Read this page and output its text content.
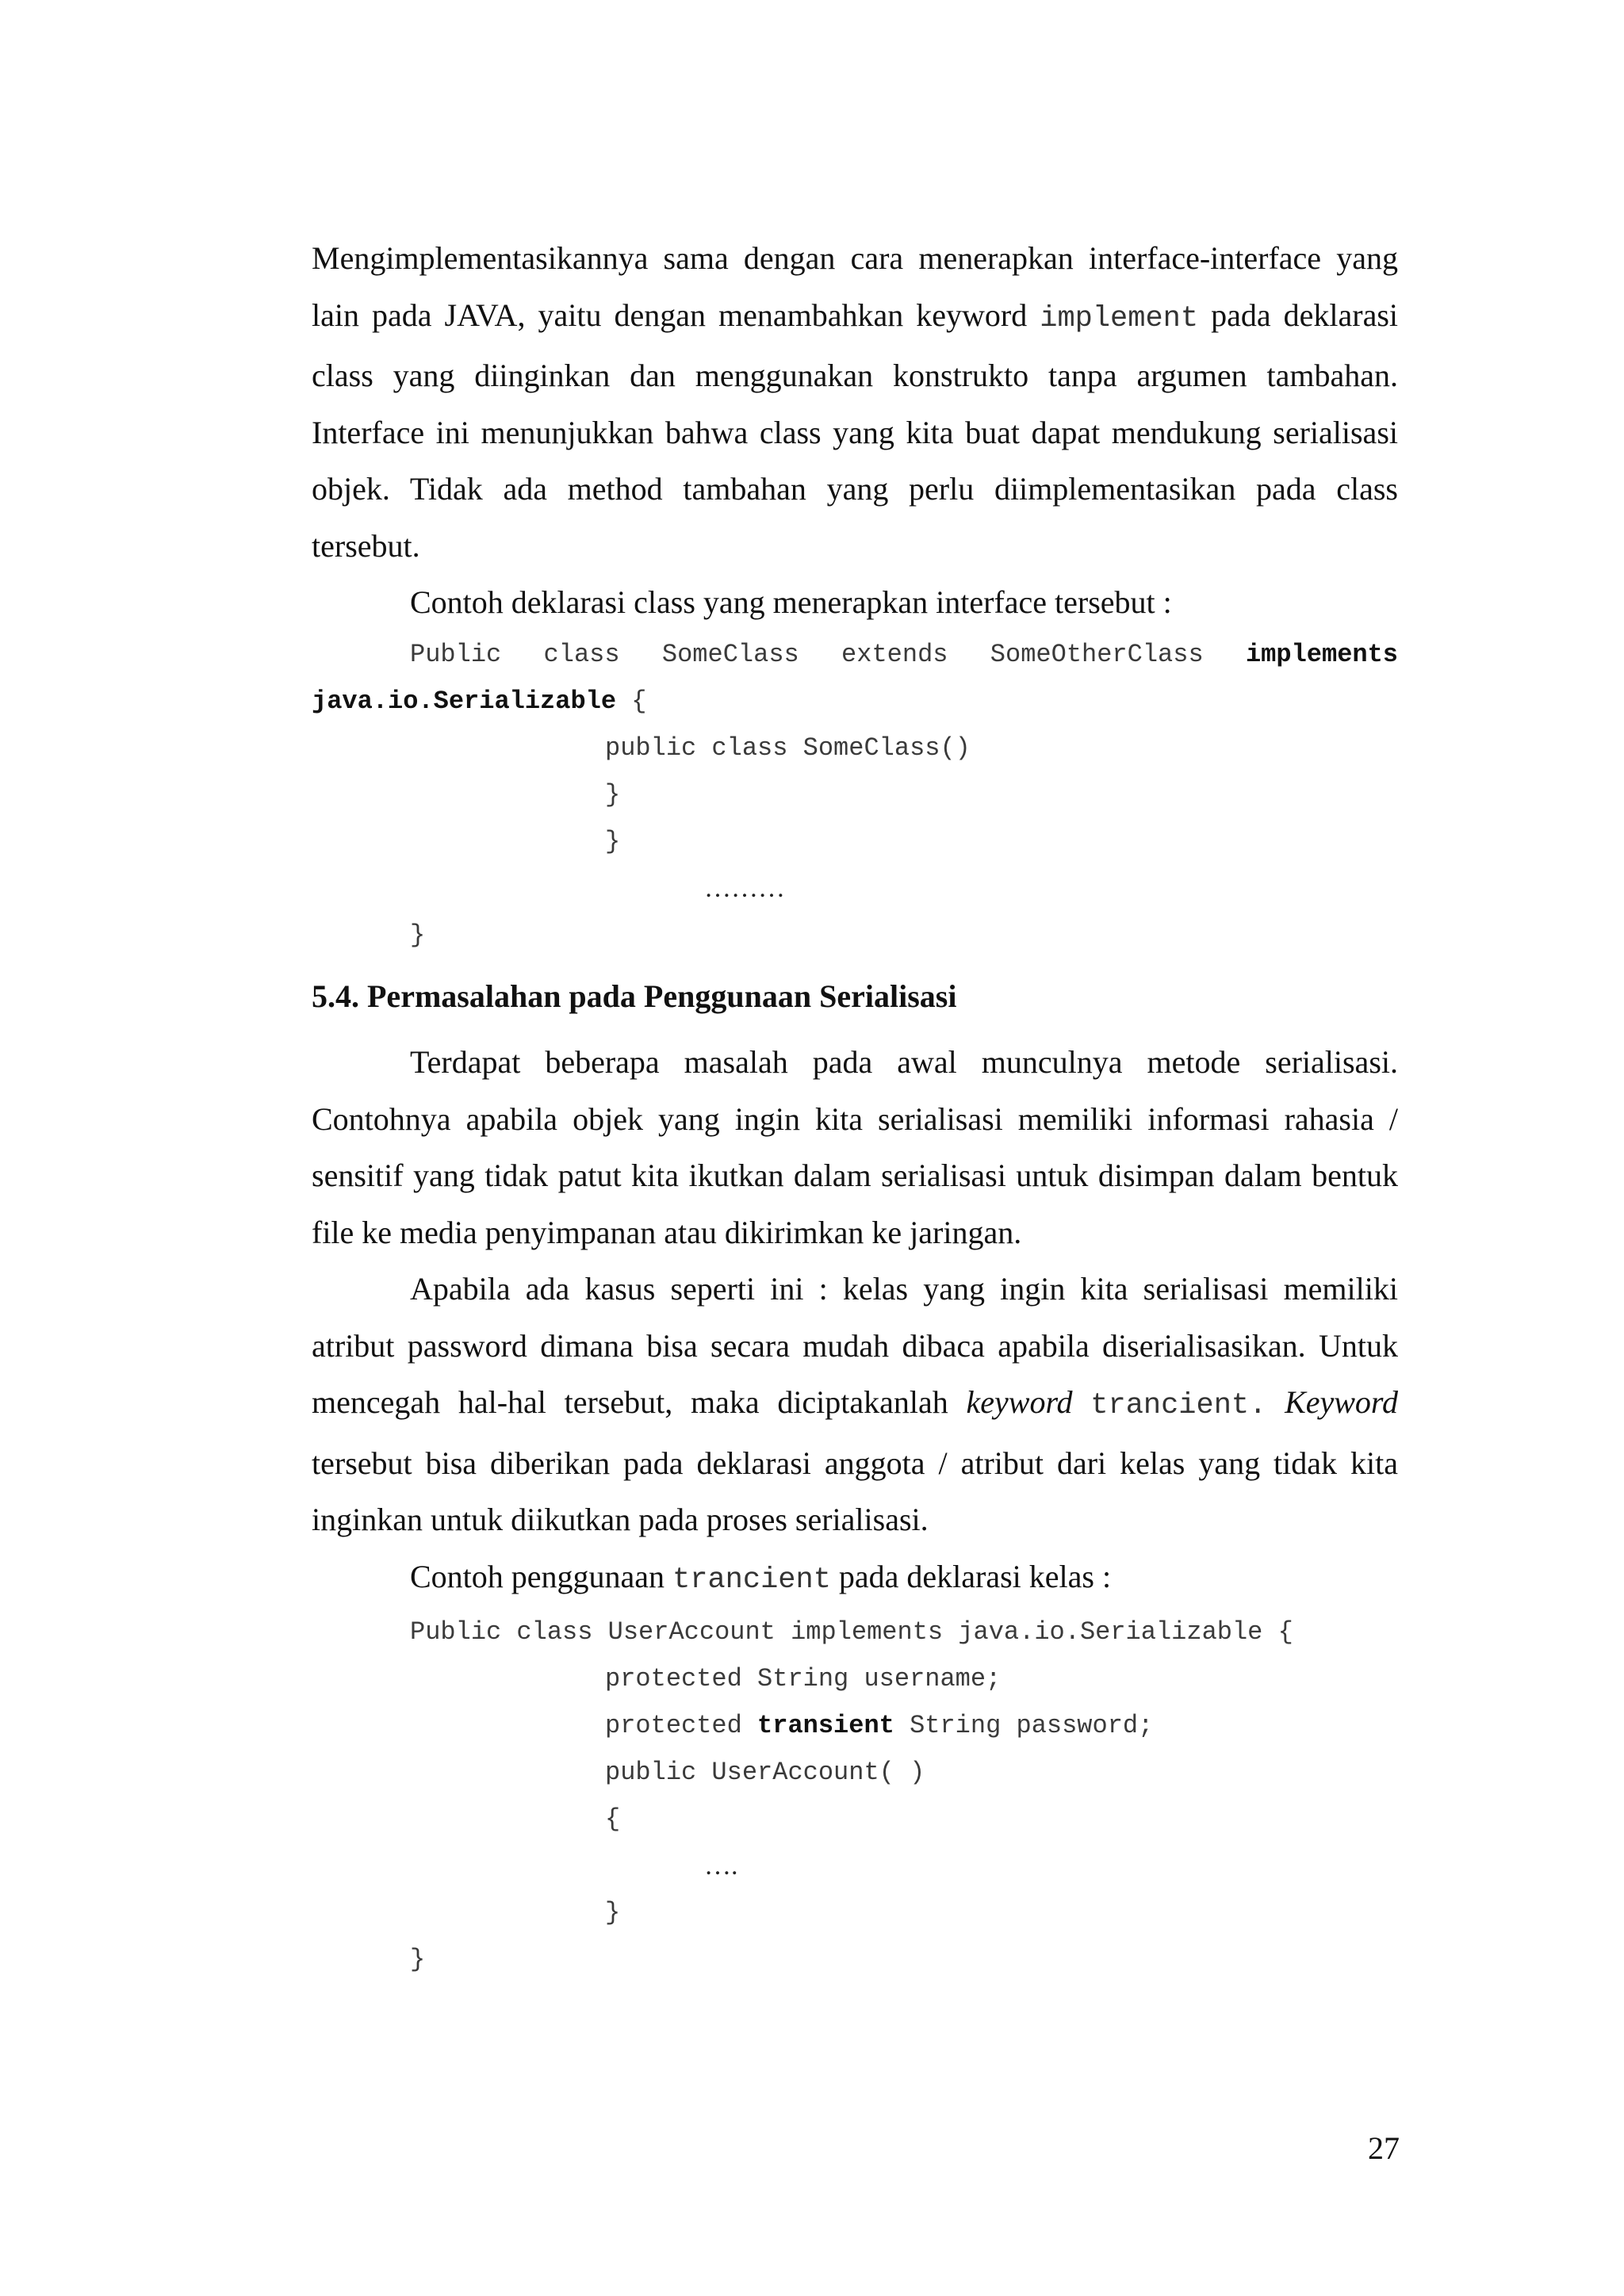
Mengimplementasikannya sama dengan cara menerapkan interface-interface yang lain pada JAVA, yaitu dengan menambahkan keyword implement pada deklarasi class yang diinginkan dan menggunakan konstrukto tanpa argumen tambahan. Interface ini menunjukkan bahwa class yang kita buat dapat mendukung serialisasi objek. Tidak ada method tambahan yang perlu diimplementasikan pada class tersebut.

Contoh deklarasi class yang menerapkan interface tersebut :

Public class SomeClass extends SomeOtherClass implements
java.io.Serializable {
public class SomeClass()
}
}
………
}
5.4. Permasalahan pada Penggunaan Serialisasi

Terdapat beberapa masalah pada awal munculnya metode serialisasi. Contohnya apabila objek yang ingin kita serialisasi memiliki informasi rahasia / sensitif yang tidak patut kita ikutkan dalam serialisasi untuk disimpan dalam bentuk file ke media penyimpanan atau dikirimkan ke jaringan.

Apabila ada kasus seperti ini : kelas yang ingin kita serialisasi memiliki atribut password dimana bisa secara mudah dibaca apabila diserialisasikan. Untuk mencegah hal-hal tersebut, maka diciptakanlah keyword trancient. Keyword tersebut bisa diberikan pada deklarasi anggota / atribut dari kelas yang tidak kita inginkan untuk diikutkan pada proses serialisasi.

Contoh penggunaan trancient pada deklarasi kelas :

Public class UserAccount implements java.io.Serializable {
protected String username;
protected transient String password;
public UserAccount( )
{
….
}
}
27
